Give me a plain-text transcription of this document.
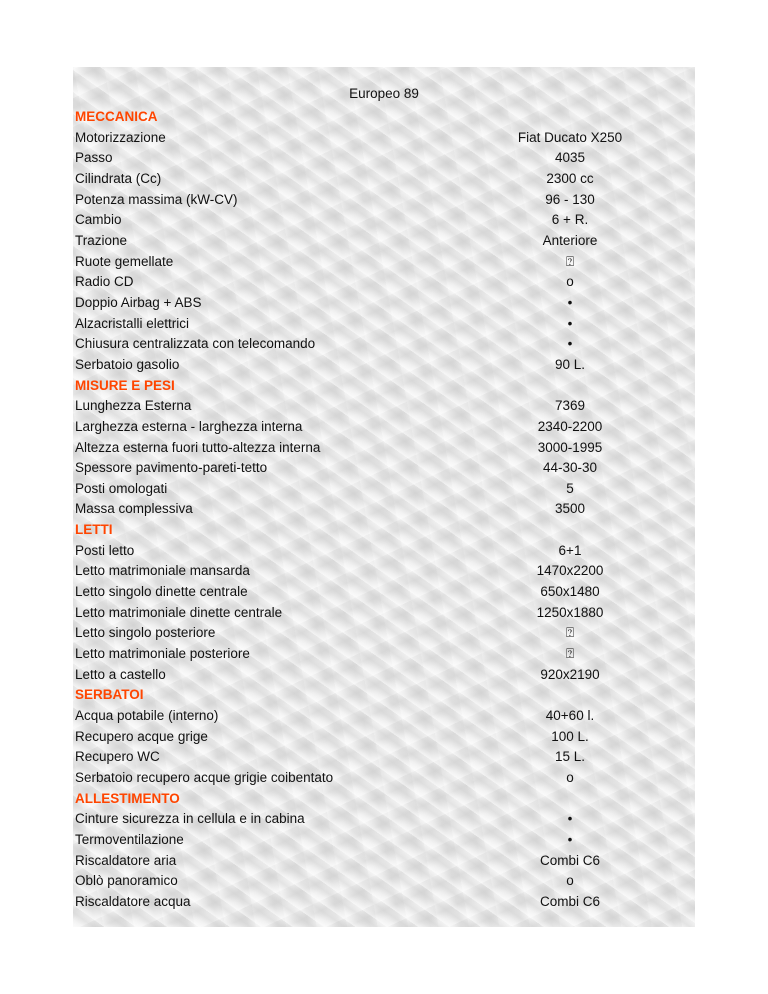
Europeo 89
MECCANICA
Motorizzazione	Fiat Ducato X250
Passo	4035
Cilindrata (Cc)	2300 cc
Potenza massima (kW-CV)	96 - 130
Cambio	6 + R.
Trazione	Anteriore
Ruote gemellate	⍰
Radio CD	o
Doppio Airbag + ABS	•
Alzacristalli elettrici	•
Chiusura centralizzata con telecomando	•
Serbatoio gasolio	90 L.
MISURE E PESI
Lunghezza Esterna	7369
Larghezza esterna - larghezza interna	2340-2200
Altezza esterna fuori tutto-altezza interna	3000-1995
Spessore pavimento-pareti-tetto	44-30-30
Posti omologati	5
Massa complessiva	3500
LETTI
Posti letto	6+1
Letto matrimoniale mansarda	1470x2200
Letto singolo dinette centrale	650x1480
Letto matrimoniale dinette centrale	1250x1880
Letto singolo posteriore	⍰
Letto matrimoniale posteriore	⍰
Letto a castello	920x2190
SERBATOI
Acqua potabile (interno)	40+60 l.
Recupero acque grige	100 L.
Recupero WC	15 L.
Serbatoio recupero acque grigie coibentato	o
ALLESTIMENTO
Cinture sicurezza in cellula e in cabina	•
Termoventilazione	•
Riscaldatore aria	Combi C6
Oblò panoramico	o
Riscaldatore acqua	Combi C6
